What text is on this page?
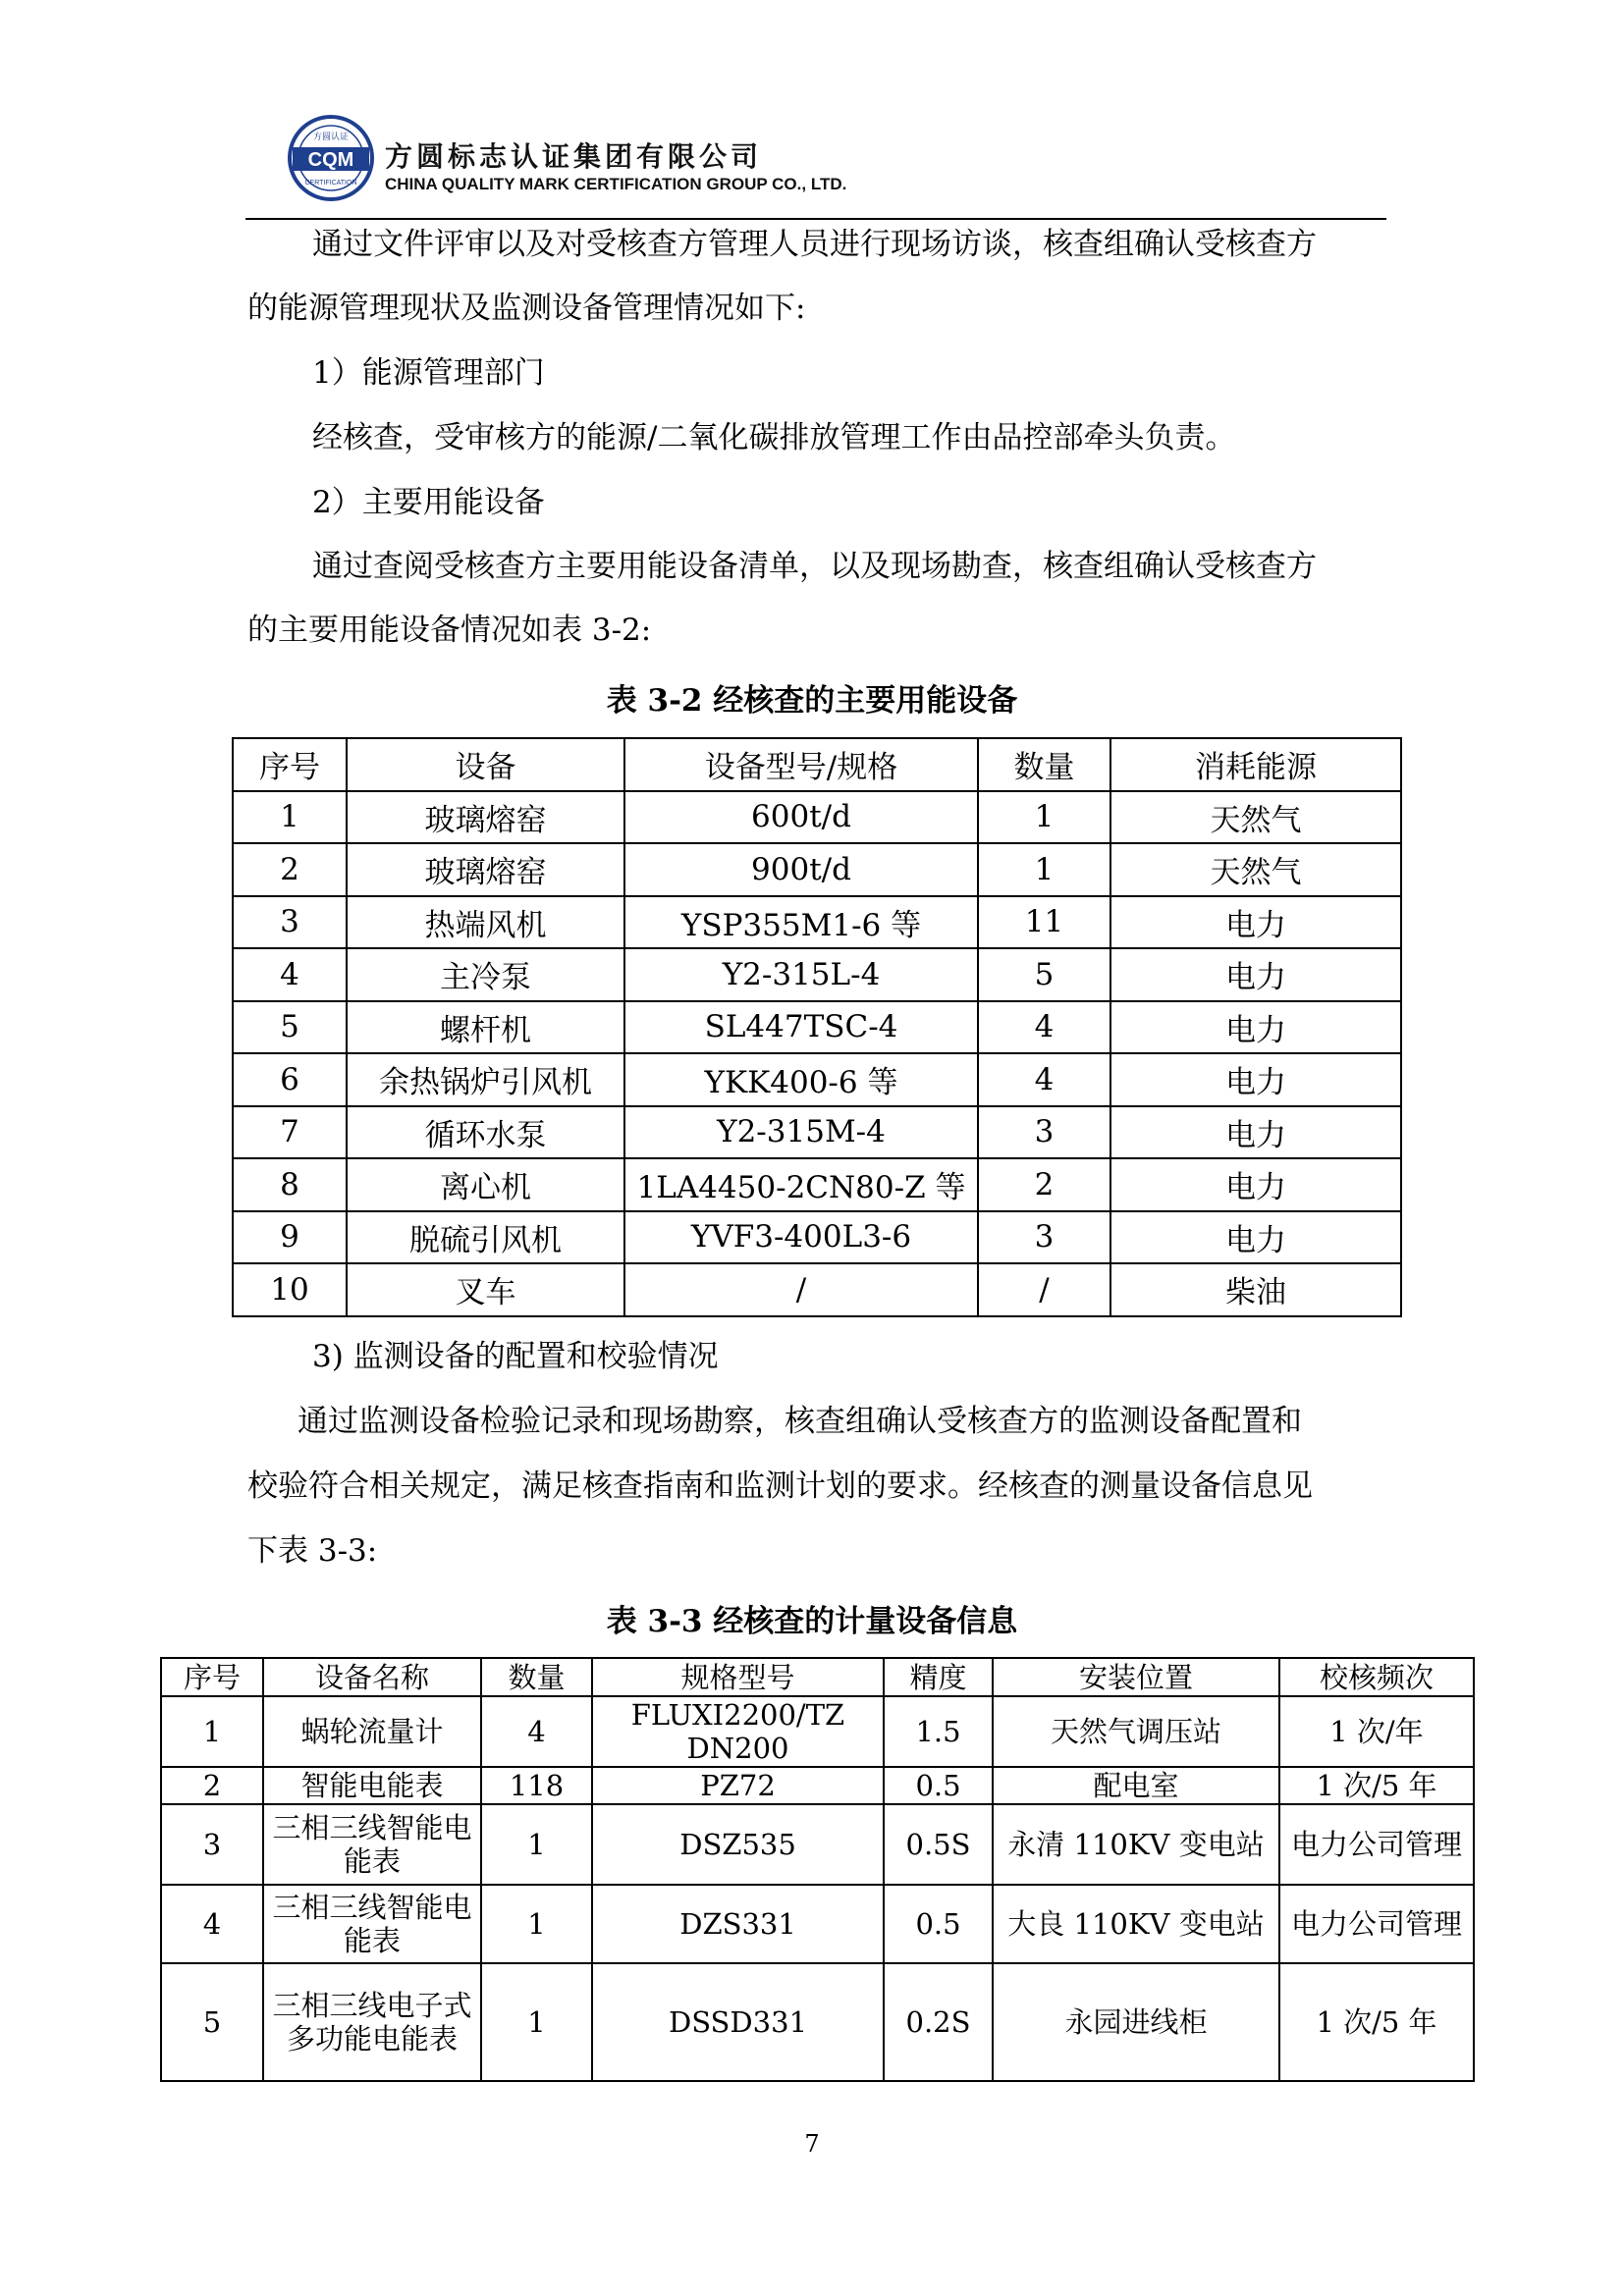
CQM
方圆认证
CERTIFICATION
方圆标志认证集团有限公司
CHINA QUALITY MARK CERTIFICATION GROUP CO., LTD.
通过文件评审以及对受核查方管理人员进行现场访谈，核查组确认受核查方
的能源管理现状及监测设备管理情况如下:
1）能源管理部门
经核查，受审核方的能源/二氧化碳排放管理工作由品控部牵头负责。
2）主要用能设备
通过查阅受核查方主要用能设备清单，以及现场勘查，核查组确认受核查方
的主要用能设备情况如表 3-2:
表 3-2 经核查的主要用能设备
序号	设备	设备型号/规格	数量	消耗能源
1	玻璃熔窑	600t/d	1	天然气
2	玻璃熔窑	900t/d	1	天然气
3	热端风机	YSP355M1-6 等	11	电力
4	主冷泵	Y2-315L-4	5	电力
5	螺杆机	SL447TSC-4	4	电力
6	余热锅炉引风机	YKK400-6 等	4	电力
7	循环水泵	Y2-315M-4	3	电力
8	离心机	1LA4450-2CN80-Z 等	2	电力
9	脱硫引风机	YVF3-400L3-6	3	电力
10	叉车	/	/	柴油
3) 监测设备的配置和校验情况
通过监测设备检验记录和现场勘察，核查组确认受核查方的监测设备配置和
校验符合相关规定，满足核查指南和监测计划的要求。经核查的测量设备信息见
下表 3-3:
表 3-3 经核查的计量设备信息
序号	设备名称	数量	规格型号	精度	安装位置	校核频次
1	蜗轮流量计	4	FLUXI2200/TZ DN200	1.5	天然气调压站	1 次/年
2	智能电能表	118	PZ72	0.5	配电室	1 次/5 年
3	三相三线智能电能表	1	DSZ535	0.5S	永清 110KV 变电站	电力公司管理
4	三相三线智能电能表	1	DZS331	0.5	大良 110KV 变电站	电力公司管理
5	三相三线电子式多功能电能表	1	DSSD331	0.2S	永园进线柜	1 次/5 年
7
